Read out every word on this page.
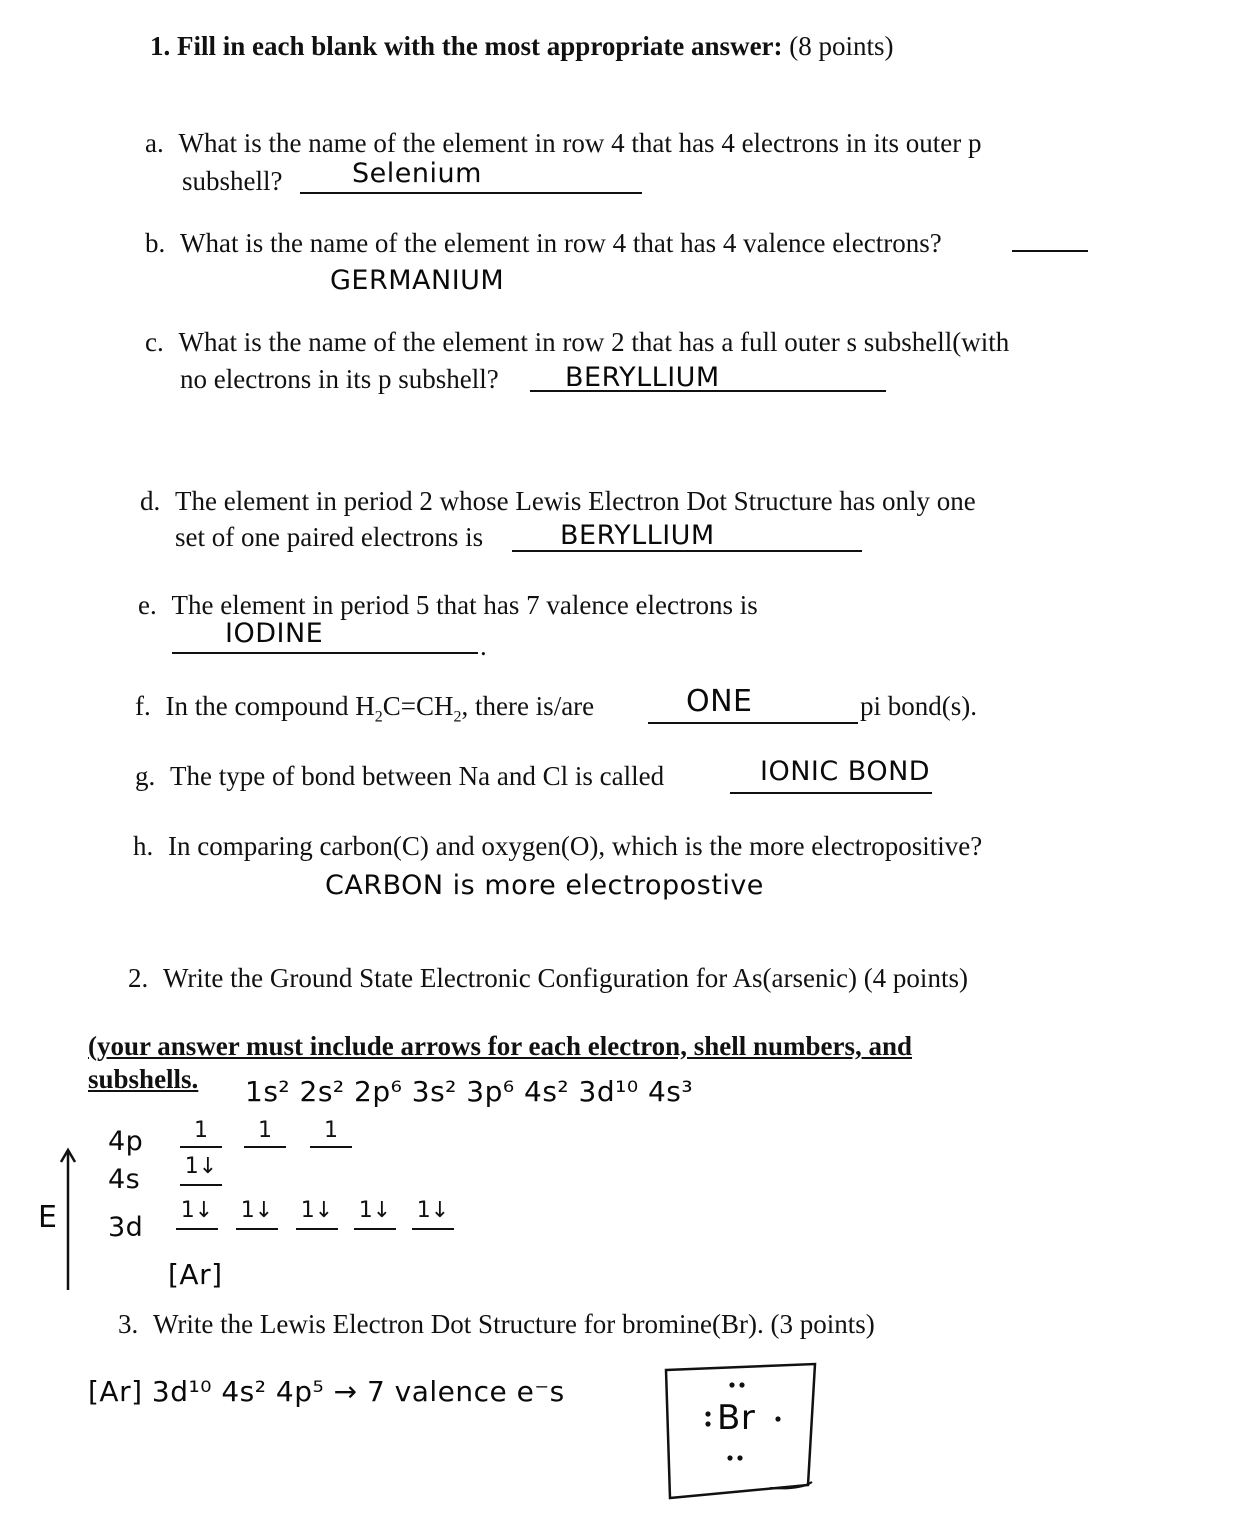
1. Fill in each blank with the most appropriate answer: (8 points)
a. What is the name of the element in row 4 that has 4 electrons in its outer p
subshell?	Selenium
b. What is the name of the element in row 4 that has 4 valence electrons?
GERMANIUM
c. What is the name of the element in row 2 that has a full outer s subshell(with
no electrons in its p subshell? BERYLLIUM
d. The element in period 2 whose Lewis Electron Dot Structure has only one
set of one paired electrons is	BERYLLIUM
e. The element in period 5 that has 7 valence electrons is
IODINE	.
f. In the compound $H_2C=CH_2$, there is/are	ONE	pi bond(s).
g. The type of bond between Na and Cl is called	IONIC BOND
h. In comparing carbon(C) and oxygen(O), which is the more electropositive?
CARBON is more electropostive
2. Write the Ground State Electronic Configuration for As(arsenic) (4 points)
(your answer must include arrows for each electron, shell numbers, and
subshells. 1s² 2s² 2p⁶ 3s² 3p⁶ 4s² 3d¹⁰ 4s³
E
4p
4s
3d
1	1	1
1↓
1↓ 1↓ 1↓ 1↓ 1↓
[Ar]
3. Write the Lewis Electron Dot Structure for bromine(Br). (3 points)
[Ar] 3d¹⁰ 4s² 4p⁵ → 7 valence e⁻s
Br
